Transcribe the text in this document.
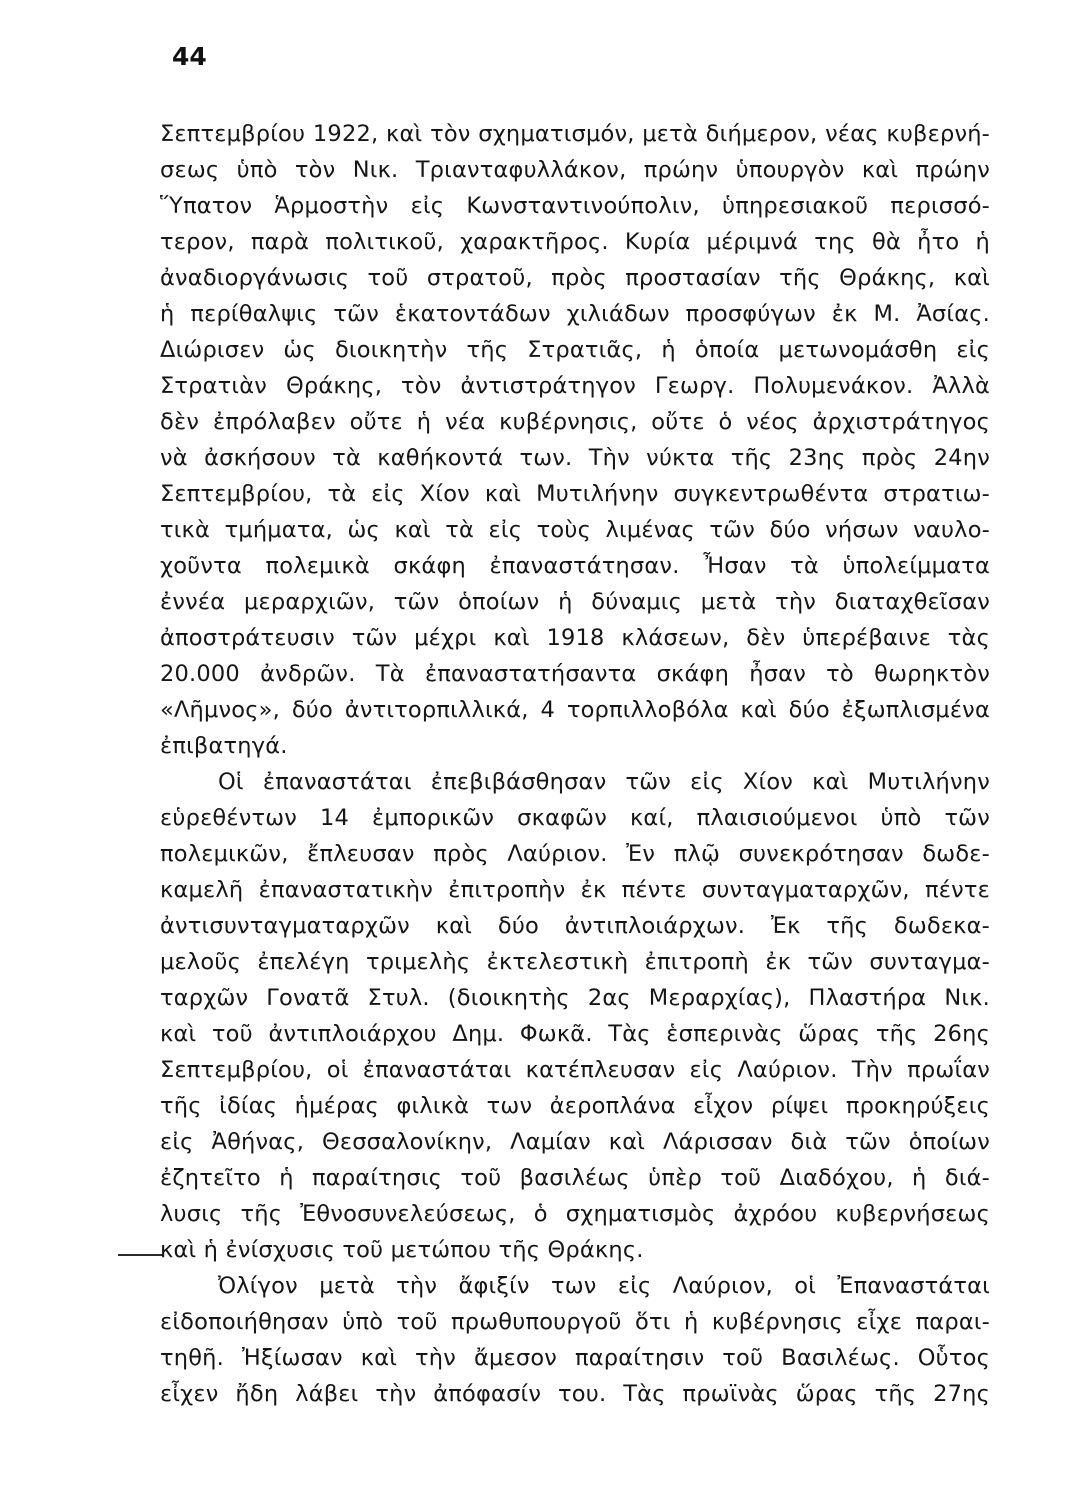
44

Σεπτεμβρίου 1922, καὶ τὸν σχηματισμόν, μετὰ διήμερον, νέας κυβερνή-
σεως ὑπὸ τὸν Νικ. Τριανταφυλλάκον, πρώην ὑπουργὸν καὶ πρώην
Ὕπατον Ἁρμοστὴν εἰς Κωνσταντινούπολιν, ὑπηρεσιακοῦ περισσό-
τερον, παρὰ πολιτικοῦ, χαρακτῆρος. Κυρία μέριμνά της θὰ ἦτο ἡ
ἀναδιοργάνωσις τοῦ στρατοῦ, πρὸς προστασίαν τῆς Θράκης, καὶ
ἡ περίθαλψις τῶν ἑκατοντάδων χιλιάδων προσφύγων ἐκ Μ. Ἀσίας.
Διώρισεν ὡς διοικητὴν τῆς Στρατιᾶς, ἡ ὁποία μετωνομάσθη εἰς
Στρατιὰν Θράκης, τὸν ἀντιστράτηγον Γεωργ. Πολυμενάκον. Ἀλλὰ
δὲν ἐπρόλαβεν οὔτε ἡ νέα κυβέρνησις, οὔτε ὁ νέος ἀρχιστράτηγος
νὰ ἀσκήσουν τὰ καθήκοντά των. Τὴν νύκτα τῆς 23ης πρὸς 24ην
Σεπτεμβρίου, τὰ εἰς Χίον καὶ Μυτιλήνην συγκεντρωθέντα στρατιω-
τικὰ τμήματα, ὡς καὶ τὰ εἰς τοὺς λιμένας τῶν δύο νήσων ναυλο-
χοῦντα πολεμικὰ σκάφη ἐπαναστάτησαν. Ἦσαν τὰ ὑπολείμματα
ἐννέα μεραρχιῶν, τῶν ὁποίων ἡ δύναμις μετὰ τὴν διαταχθεῖσαν
ἀποστράτευσιν τῶν μέχρι καὶ 1918 κλάσεων, δὲν ὑπερέβαινε τὰς
20.000 ἀνδρῶν. Τὰ ἐπαναστατήσαντα σκάφη ἦσαν τὸ θωρηκτὸν
«Λῆμνος», δύο ἀντιτορπιλλικά, 4 τορπιλλοβόλα καὶ δύο ἐξωπλισμένα
ἐπιβατηγά.
Οἱ ἐπαναστάται ἐπεβιβάσθησαν τῶν εἰς Χίον καὶ Μυτιλήνην
εὑρεθέντων 14 ἐμπορικῶν σκαφῶν καί, πλαισιούμενοι ὑπὸ τῶν
πολεμικῶν, ἔπλευσαν πρὸς Λαύριον. Ἐν πλῷ συνεκρότησαν δωδε-
καμελῆ ἐπαναστατικὴν ἐπιτροπὴν ἐκ πέντε συνταγματαρχῶν, πέντε
ἀντισυνταγματαρχῶν καὶ δύο ἀντιπλοιάρχων. Ἐκ τῆς δωδεκα-
μελοῦς ἐπελέγη τριμελὴς ἐκτελεστικὴ ἐπιτροπὴ ἐκ τῶν συνταγμα-
ταρχῶν Γονατᾶ Στυλ. (διοικητὴς 2ας Μεραρχίας), Πλαστήρα Νικ.
καὶ τοῦ ἀντιπλοιάρχου Δημ. Φωκᾶ. Τὰς ἑσπερινὰς ὥρας τῆς 26ης
Σεπτεμβρίου, οἱ ἐπαναστάται κατέπλευσαν εἰς Λαύριον. Τὴν πρωΐαν
τῆς ἰδίας ἡμέρας φιλικὰ των ἀεροπλάνα εἶχον ρίψει προκηρύξεις
εἰς Ἀθήνας, Θεσσαλονίκην, Λαμίαν καὶ Λάρισσαν διὰ τῶν ὁποίων
ἐζητεῖτο ἡ παραίτησις τοῦ βασιλέως ὑπὲρ τοῦ Διαδόχου, ἡ διά-
λυσις τῆς Ἐθνοσυνελεύσεως, ὁ σχηματισμὸς ἀχρόου κυβερνήσεως
καὶ ἡ ἐνίσχυσις τοῦ μετώπου τῆς Θράκης.
Ὀλίγον μετὰ τὴν ἄφιξίν των εἰς Λαύριον, οἱ Ἐπαναστάται
εἰδοποιήθησαν ὑπὸ τοῦ πρωθυπουργοῦ ὅτι ἡ κυβέρνησις εἶχε παραι-
τηθῆ. Ἠξίωσαν καὶ τὴν ἄμεσον παραίτησιν τοῦ Βασιλέως. Οὗτος
εἶχεν ἤδη λάβει τὴν ἀπόφασίν του. Τὰς πρωϊνὰς ὥρας τῆς 27ης
